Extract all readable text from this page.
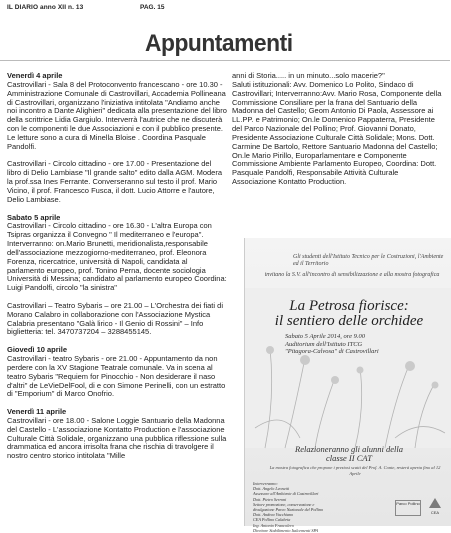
IL DIARIO anno XII n. 13	PAG. 15
Appuntamenti
Venerdì 4 aprile
Castrovillari - Sala 8 del Protoconvento francescano - ore 10.30 - Amministrazione Comunale di Castrovillari, Accademia Pollineana di Castrovillari, organizzano l'iniziativa intitolata "Andiamo anche noi incontro a Dante Alighieri" dedicata alla presentazione del libro della scrittrice Lidia Gargiulo. Interverrà l'autrice che ne discuterà con le componenti le due Associazioni e con il pubblico presente. Le letture sono a cura di Minella Bloise . Coordina Pasquale Pandolfi.
Castrovillari - Circolo cittadino - ore 17.00 - Presentazione del libro di Delio Lambiase "Il grande salto" edito dalla AGM. Modera la prof.ssa Ines Ferrante. Converseranno sul testo il prof. Mario Vicino, il prof. Francesco Fusca, il dott. Lucio Attorre e l'autore, Delio Lambiase.
Sabato 5 aprile
Castrovillari - Circolo cittadino - ore 16.30 - L'altra Europa con Tsipras organizza il Convegno " Il mediterraneo e l'europa". Interverranno: on.Mario Brunetti, meridionalista,responsabile dell'associazione mezzogiorno-mediterraneo, prof. Eleonora Forenza, ricercatrice, università di Napoli, candidata al parlamento europeo, prof. Tonino Perna, docente sociologia Università di Messina; candidato al parlamento europeo Coordina: Luigi Pandolfi, circolo "la sinistra"
Castrovillari – Teatro Sybaris – ore 21.00 – L'Orchestra dei fiati di Morano Calabro in collaborazione con l'Associazione Mystica Calabria presentano "Galà lirico - Il Genio di Rossini" – Info biglietteria: tel. 3470737204 – 3288455145.
Giovedì 10 aprile
Castrovillari - teatro Sybaris - ore 21.00 - Appuntamento da non perdere con la XV Stagione Teatrale comunale. Va in scena al teatro Sybaris "Requiem for Pinocchio - Non desiderare il naso d'altri" de LeVieDelFool, di e con Simone Perinelli, con un estratto di "Emporium" di Marco Onofrio.
Venerdì 11 aprile
Castrovillari - ore 18.00 - Salone Loggie Santuario della Madonna del Castello - L'associazione Kontatto Production e l'associazione Culturale Città Solidale, organizzano una pubblica riflessione sulla drammatica ed ancora irrisolta frana che rischia di travolgere il nostro centro storico intitolata "Mille
anni di Storia..... in un minuto...solo macerie?"
Saluti istituzionali: Avv. Domenico Lo Polito, Sindaco di Castrovillari; Interverranno:Avv. Mario Rosa, Componente della Commissione Consiliare per la frana del Santuario della Madonna del Castello; Geom Antonio Di Paola, Assessore ai LL.PP. e Patrimonio; On.le Domenico Pappaterra, Presidente del Parco Nazionale del Pollino; Prof. Giovanni Donato, Presidente Associazione Culturale Città Solidale; Mons. Dott. Carmine De Bartolo, Rettore Santuario Madonna del Castello; On.le Mario Pirillo, Europarlamentare e Componente Commissione Ambiente Parlamento Europeo, Coordina: Dott. Pasquale Pandolfi, Responsabile Attività Culturale Associazione Kontatto Production.
Gli studenti dell'Istituto Tecnico per le Costruzioni, l'Ambiente ed il Territorio
invitano la S.V. all'incontro di sensibilizzazione e alla mostra fotografica
La Petrosa fiorisce:
il sentiero delle orchidee
Sabato 5 Aprile 2014, ore 9.00
Auditorium dell'Istituto ITCG
"Pitagora-Calvosa" di Castrovillari
Relazioneranno gli alunni della
classe II CAT
La mostra fotografica che propone i preziosi scatti del Prof. A. Conte, resterà aperta fino al 12 Aprile
Interverranno:
Dott. Angelo Leonetti
Assessore all'Ambiente di Castrovillari
Dott. Pietro Serroni
Settore promozione, conservazione e
divulgazione Parco Nazionale del Pollino
Dott. Andrea Vacchiano
CEA Pollino Calabria
Ing. Antonio Francolero
Direttore Stabilimento Italcementi SPA
Parco Pollino
CEA
